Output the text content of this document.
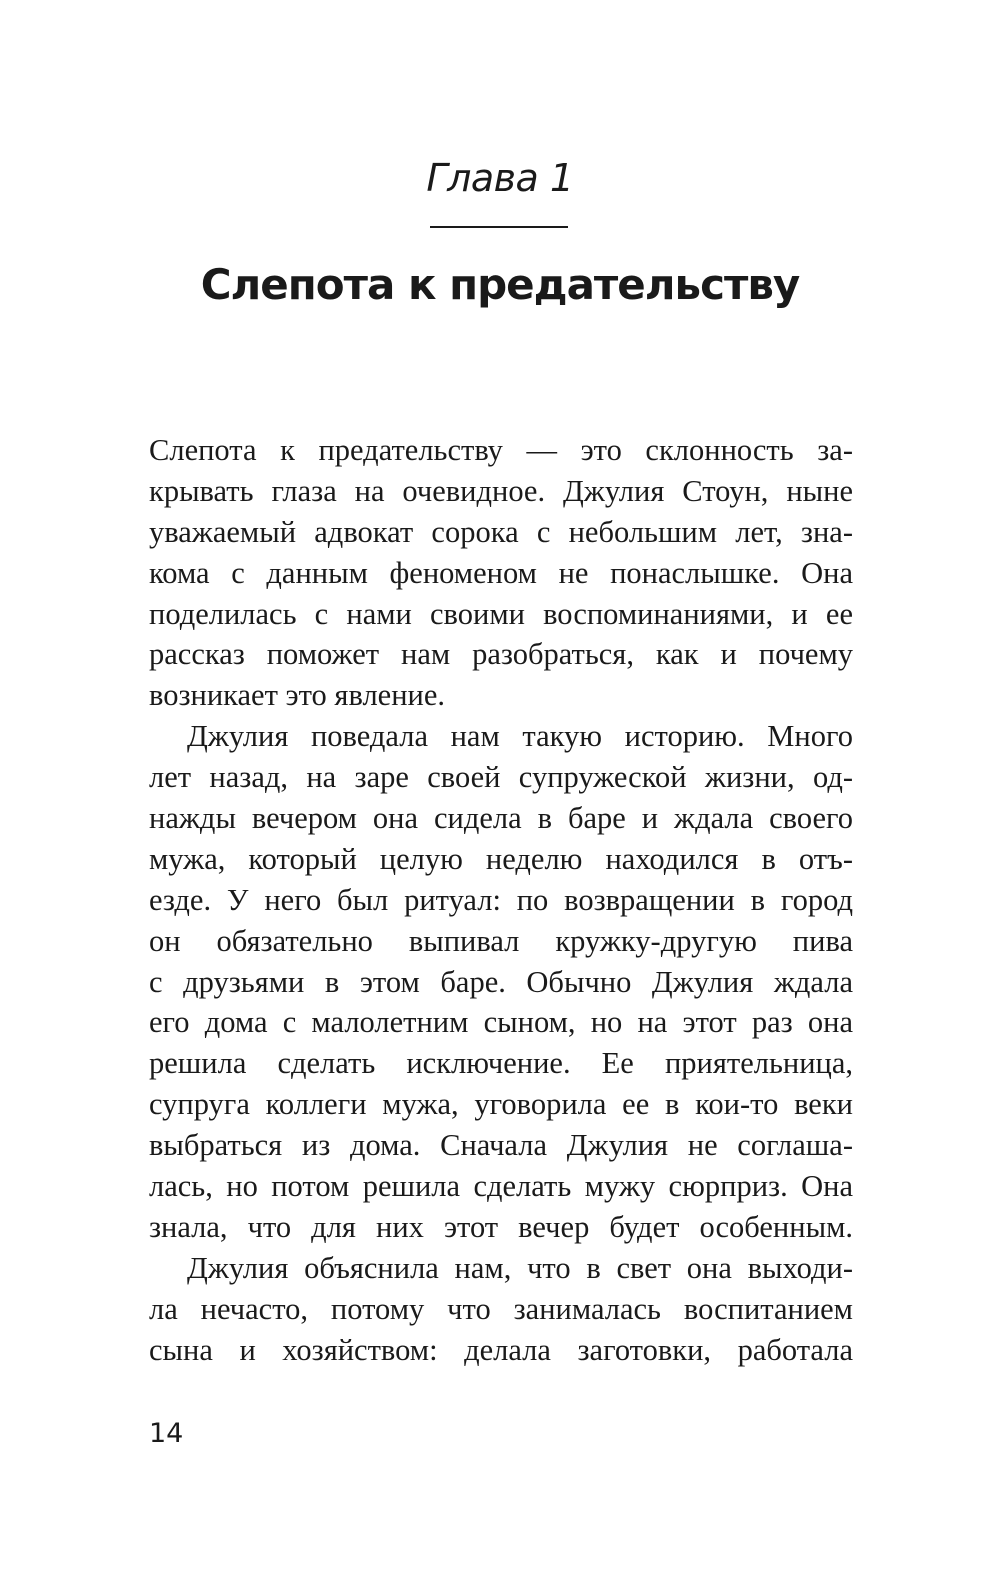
Глава 1
Слепота к предательству
Слепота к предательству — это склонность за-
крывать глаза на очевидное. Джулия Стоун, ныне
уважаемый адвокат сорока с небольшим лет, зна-
кома с данным феноменом не понаслышке. Она
поделилась с нами своими воспоминаниями, и ее
рассказ поможет нам разобраться, как и почему
возникает это явление.
Джулия поведала нам такую историю. Много
лет назад, на заре своей супружеской жизни, од-
нажды вечером она сидела в баре и ждала своего
мужа, который целую неделю находился в отъ-
езде. У него был ритуал: по возвращении в город
он обязательно выпивал кружку-другую пива
с друзьями в этом баре. Обычно Джулия ждала
его дома с малолетним сыном, но на этот раз она
решила сделать исключение. Ее приятельница,
супруга коллеги мужа, уговорила ее в кои-то веки
выбраться из дома. Сначала Джулия не соглаша-
лась, но потом решила сделать мужу сюрприз. Она
знала, что для них этот вечер будет особенным.
Джулия объяснила нам, что в свет она выходи-
ла нечасто, потому что занималась воспитанием
сына и хозяйством: делала заготовки, работала
14
